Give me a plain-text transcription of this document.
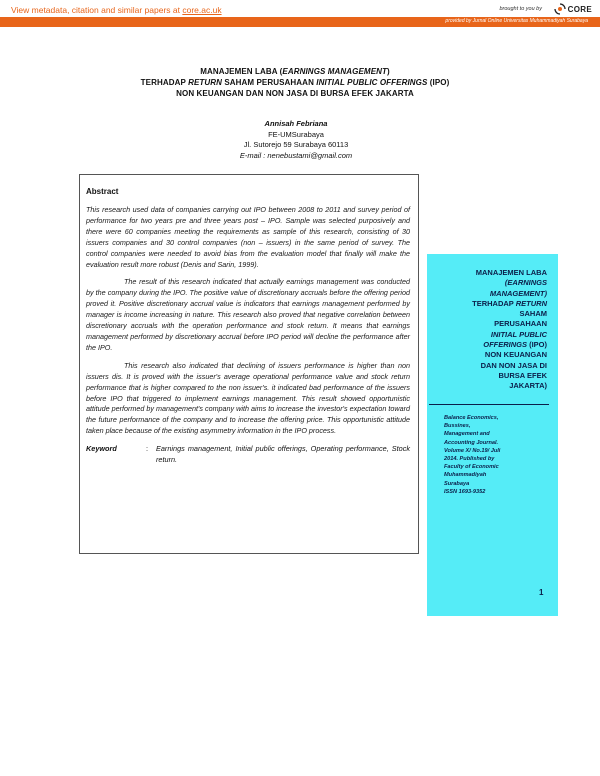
View metadata, citation and similar papers at core.ac.uk	brought to you by	CORE
provided by Jurnal Online Universitas Muhammadiyah Surabaya
MANAJEMEN LABA (EARNINGS MANAGEMENT)
TERHADAP RETURN SAHAM PERUSAHAAN INITIAL PUBLIC OFFERINGS (IPO)
NON KEUANGAN DAN NON JASA DI BURSA EFEK JAKARTA
Annisah Febriana
FE-UMSurabaya
Jl. Sutorejo 59 Surabaya 60113
E-mail : nenebustami@gmail.com
Abstract

This research used data of companies carrying out IPO between 2008 to 2011 and survey period of performance for two years pre and three years post – IPO. Sample was selected purposively and there were 60 companies meeting the requirements as sample of this research, consisting of 30 issuers companies and 30 control companies (non – issuers) in the same period of survey. The control companies were needed to avoid bias from the evaluation model that finally will make the evaluation result more robust (Denis and Sarin, 1999).

The result of this research indicated that actually earnings management was conducted by the company during the IPO. The positive value of discretionary accruals before the offering period proved it. Positive discretionary accrual value is indicators that earnings management performed by manager is income increasing in nature. This research also proved that negative correlation between discretionary accruals with the operation performance and stock return. It means that earnings management performed by discretionary accrual before IPO period will decline the performance after the IPO.

This research also indicated that declining of issuers performance is higher than non issuers dis. It is proved with the issuer's average operational performance value and stock return performance that is higher compared to the non issuer's. it indicated bad performance of the issuers before IPO that triggered to implement earnings management. This result showed opportunistic attitude performed by management's company with aims to increase the investor's expectation toward the future performance of the company and to increase the offering price. This opportunistic attitude taken place because of the existing asymmetry information in the IPO process.

Keyword	:	Earnings management, Initial public offerings, Operating performance, Stock return.
MANAJEMEN LABA
(EARNINGS
MANAGEMENT)
TERHADAP RETURN
SAHAM
PERUSAHAAN
INITIAL PUBLIC
OFFERINGS (IPO)
NON KEUANGAN
DAN NON JASA DI
BURSA EFEK
JAKARTA)
Balance Economics,
Bussines,
Management and
Accounting Journal.
Volume X/ No.19/ Juli
2014. Published by
Faculty of Economic
Muhammadiyah
Surabaya
ISSN 1693-9352
1
